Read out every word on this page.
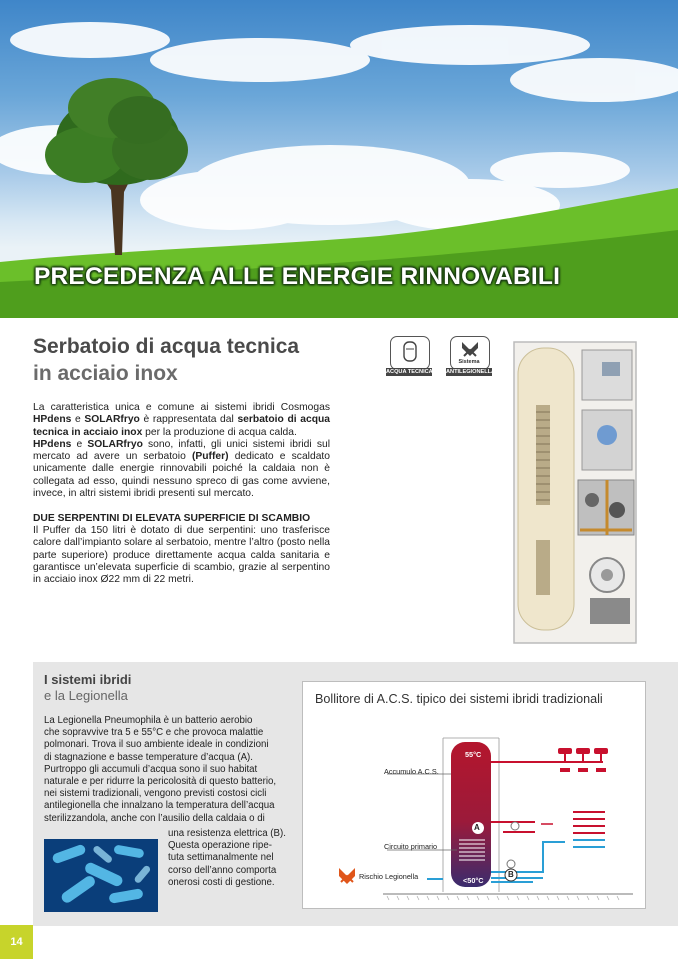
PRECEDENZA ALLE ENERGIE RINNOVABILI
Serbatoio di acqua tecnica
in acciaio inox	ACQUA TECNICA
Sistema
ANTILEGIONELLA

La caratteristica unica e comune ai sistemi ibridi Cosmogas HPdens e SOLARfryo è rappresentata dal serbatoio di acqua tecnica in acciaio inox per la produzione di acqua calda.

HPdens e SOLARfryo sono, infatti, gli unici sistemi ibridi sul mercato ad avere un serbatoio (Puffer) dedicato e scaldato unicamente dalle energie rinnovabili poiché la caldaia non è collegata ad esso, quindi nessuno spreco di gas come avviene, invece, in altri sistemi ibridi presenti sul mercato.

DUE SERPENTINI DI ELEVATA SUPERFICIE DI SCAMBIO
Il Puffer da 150 litri è dotato di due serpentini: uno trasferisce calore dall’impianto solare al serbatoio, mentre l’altro (posto nella parte superiore) produce direttamente acqua calda sanitaria e garantisce un’elevata superficie di scambio, grazie al serpentino in acciaio inox Ø22 mm di 22 metri.
I sistemi ibridi
e la Legionella
La Legionella Pneumophila è un batterio aerobio
che sopravvive tra 5 e 55°C e che provoca malattie
polmonari. Trova il suo ambiente ideale in condizioni
di stagnazione e basse temperature d’acqua (A).
Purtroppo gli accumuli d’acqua sono il suo habitat
naturale e per ridurre la pericolosità di questo batterio,
nei sistemi tradizionali, vengono previsti costosi cicli
antilegionella che innalzano la temperatura dell’acqua
sterilizzandola, anche con l’ausilio della caldaia o di
una resistenza elettrica (B).
Questa operazione ripe-
tuta settimanalmente nel
corso dell’anno comporta
onerosi costi di gestione.
Bollitore di A.C.S. tipico dei sistemi ibridi tradizionali
Accumulo A.C.S.
Circuito primario
Rischio Legionella
55°C
<50°C
A
B
14
